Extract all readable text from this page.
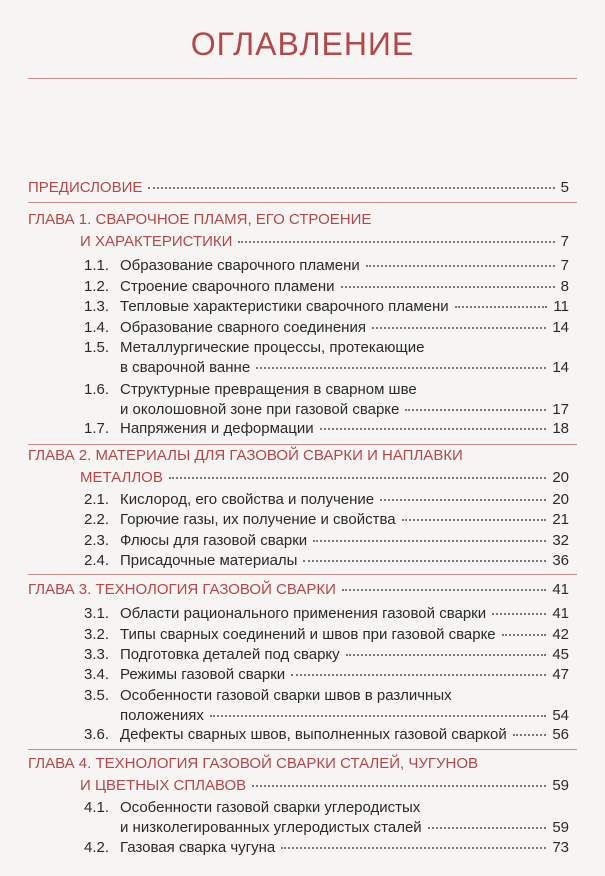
ОГЛАВЛЕНИЕ
ПРЕДИСЛОВИЕ	5
ГЛАВА 1. СВАРОЧНОЕ ПЛАМЯ, ЕГО СТРОЕНИЕ
И ХАРАКТЕРИСТИКИ	7
1.1. Образование сварочного пламени	7
1.2. Строение сварочного пламени	8
1.3. Тепловые характеристики сварочного пламени	11
1.4. Образование сварного соединения	14
1.5. Металлургические процессы, протекающие
в сварочной ванне	14
1.6. Структурные превращения в сварном шве
и околошовной зоне при газовой сварке	17
1.7. Напряжения и деформации	18
ГЛАВА 2. МАТЕРИАЛЫ ДЛЯ ГАЗОВОЙ СВАРКИ И НАПЛАВКИ
МЕТАЛЛОВ	20
2.1. Кислород, его свойства и получение	20
2.2. Горючие газы, их получение и свойства	21
2.3. Флюсы для газовой сварки	32
2.4. Присадочные материалы	36
ГЛАВА 3. ТЕХНОЛОГИЯ ГАЗОВОЙ СВАРКИ	41
3.1. Области рационального применения газовой сварки	41
3.2. Типы сварных соединений и швов при газовой сварке	42
3.3. Подготовка деталей под сварку	45
3.4. Режимы газовой сварки	47
3.5. Особенности газовой сварки швов в различных
положениях	54
3.6. Дефекты сварных швов, выполненных газовой сваркой	56
ГЛАВА 4. ТЕХНОЛОГИЯ ГАЗОВОЙ СВАРКИ СТАЛЕЙ, ЧУГУНОВ
И ЦВЕТНЫХ СПЛАВОВ	59
4.1. Особенности газовой сварки углеродистых
и низколегированных углеродистых сталей	59
4.2. Газовая сварка чугуна	73
